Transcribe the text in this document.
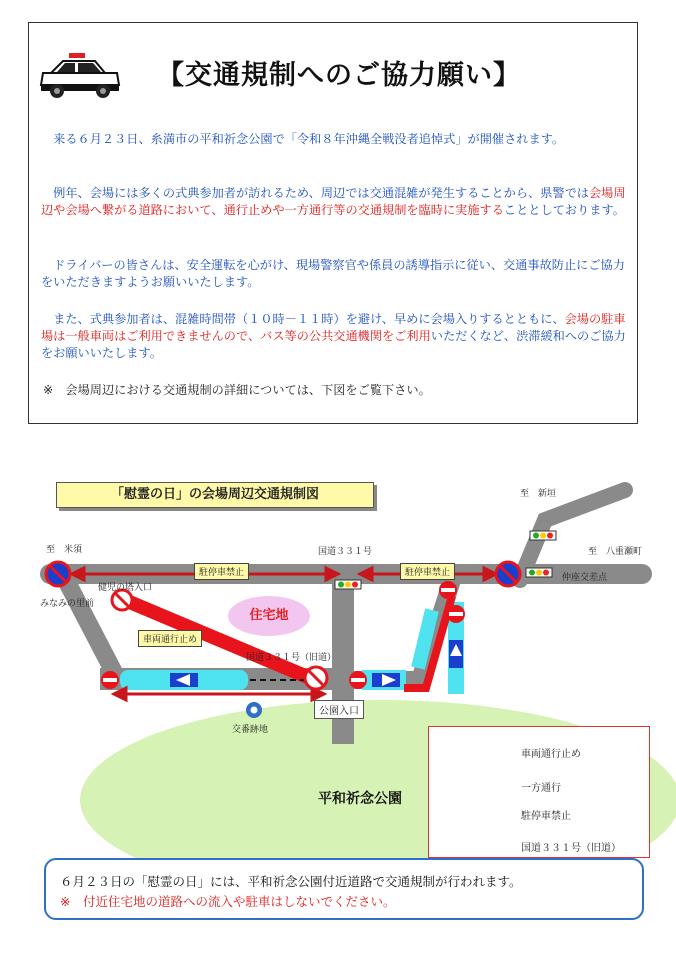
【交通規制へのご協力願い】

　来る６月２３日、糸満市の平和祈念公園で「令和８年沖縄全戦没者追悼式」が開催されます。

　例年、会場には多くの式典参加者が訪れるため、周辺では交通混雑が発生することから、県警では会場周辺や会場へ繋がる道路において、通行止めや一方通行等の交通規制を臨時に実施することとしております。

　ドライバーの皆さんは、安全運転を心がけ、現場警察官や係員の誘導指示に従い、交通事故防止にご協力をいただきますようお願いいたします。

　また、式典参加者は、混雑時間帯（１０時－１１時）を避け、早めに会場入りするとともに、会場の駐車場は一般車両はご利用できませんので、バス等の公共交通機関をご利用いただくなど、渋滞緩和へのご協力をお願いいたします。

※　会場周辺における交通規制の詳細については、下図をご覧下さい。
「慰霊の日」の会場周辺交通規制図	至　新垣
至　米須	至　八重瀬町
国道３３１号
駐停車禁止	駐停車禁止	仲座交差点
健児の塔入口
みなみの里前
車両通行止め
住宅地
国道３３１号（旧道）
交番跡地
公園入口
平和祈念公園
車両通行止め
一方通行
駐停車禁止
国道３３１号（旧道）
６月２３日の「慰霊の日」には、平和祈念公園付近道路で交通規制が行われます。
※　付近住宅地の道路への流入や駐車はしないでください。
